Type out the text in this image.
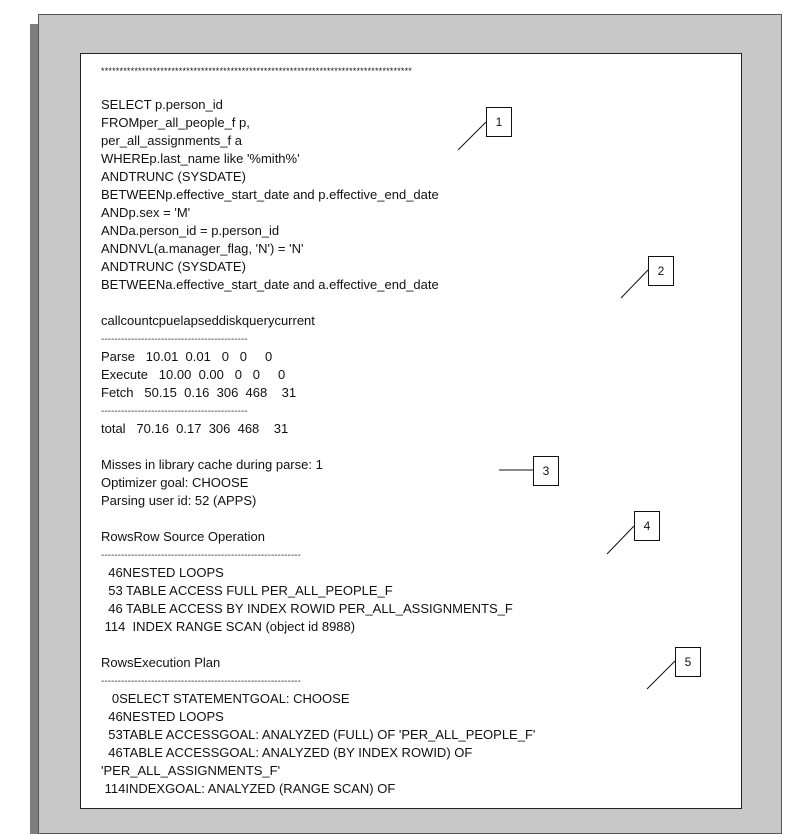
************************************************************************************
SELECT p.person_id
FROMper_all_people_f p,
per_all_assignments_f a
WHEREp.last_name like '%mith%'
ANDTRUNC (SYSDATE)
BETWEENp.effective_start_date and p.effective_end_date
ANDp.sex = 'M'
ANDa.person_id = p.person_id
ANDNVL(a.manager_flag, 'N') = 'N'
ANDTRUNC (SYSDATE)
BETWEENa.effective_start_date and a.effective_end_date
callcountcpuelapseddiskquerycurrent
--------------------------------------------
Parse   10.01  0.01   0   0     0
Execute   10.00  0.00   0   0     0
Fetch   50.15  0.16  306  468    31
--------------------------------------------
total   70.16  0.17  306  468    31
Misses in library cache during parse: 1
Optimizer goal: CHOOSE
Parsing user id: 52 (APPS)
RowsRow Source Operation
------------------------------------------------------------
46NESTED LOOPS
53 TABLE ACCESS FULL PER_ALL_PEOPLE_F
46 TABLE ACCESS BY INDEX ROWID PER_ALL_ASSIGNMENTS_F
114  INDEX RANGE SCAN (object id 8988)
RowsExecution Plan
------------------------------------------------------------
0SELECT STATEMENTGOAL: CHOOSE
46NESTED LOOPS
53TABLE ACCESSGOAL: ANALYZED (FULL) OF 'PER_ALL_PEOPLE_F'
46TABLE ACCESSGOAL: ANALYZED (BY INDEX ROWID) OF
'PER_ALL_ASSIGNMENTS_F'
114INDEXGOAL: ANALYZED (RANGE SCAN) OF
1
2
3
4
5
